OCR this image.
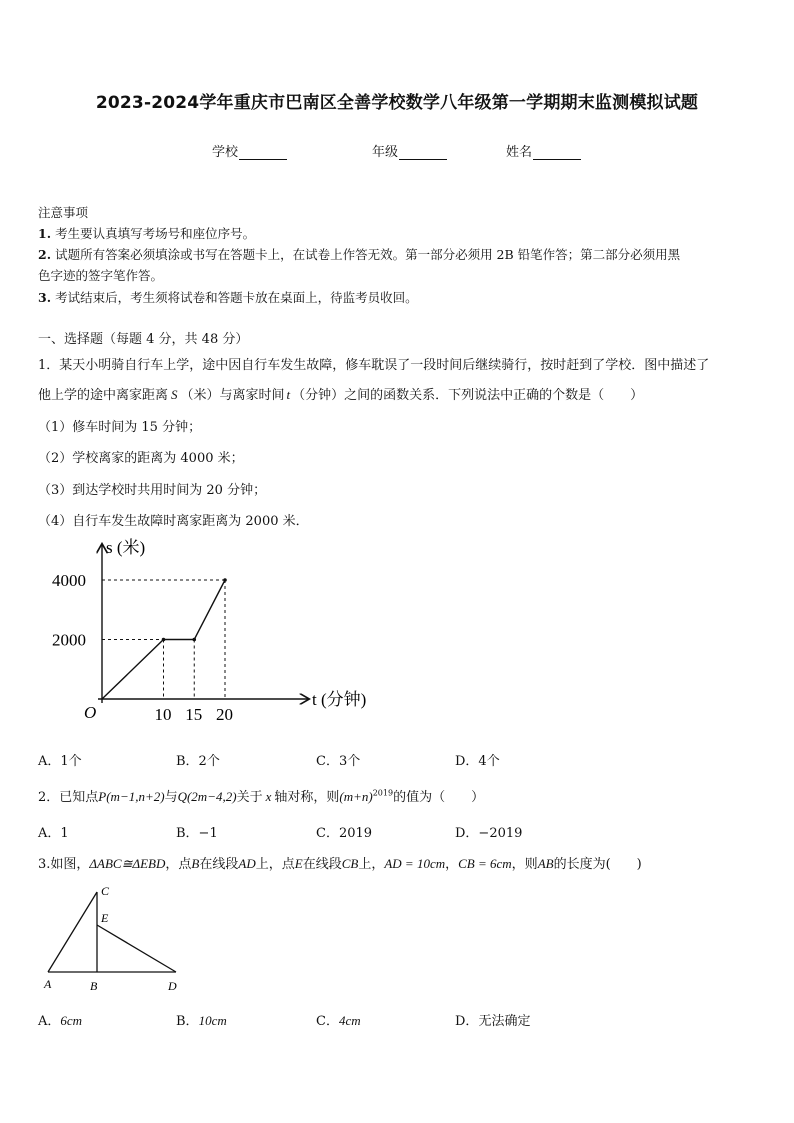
2023-2024学年重庆市巴南区全善学校数学八年级第一学期期末监测模拟试题
学校	年级	姓名
注意事项
1. 考生要认真填写考场号和座位序号。
2. 试题所有答案必须填涂或书写在答题卡上，在试卷上作答无效。第一部分必须用 2B 铅笔作答；第二部分必须用黑
色字迹的签字笔作答。
3. 考试结束后，考生须将试卷和答题卡放在桌面上，待监考员收回。
一、选择题（每题 4 分，共 48 分）
1．某天小明骑自行车上学，途中因自行车发生故障，修车耽误了一段时间后继续骑行，按时赶到了学校．图中描述了
他上学的途中离家距离 S （米）与离家时间 t （分钟）之间的函数关系．下列说法中正确的个数是（　　）
（1）修车时间为 15 分钟；
（2）学校离家的距离为 4000 米；
（3）到达学校时共用时间为 20 分钟；
（4）自行车发生故障时离家距离为 2000 米．
t (分钟)
s (米)
O	10 15 20
2000
4000
A．1个	B．2个	C．3个	D．4个
2．已知点P(m−1,n+2)与Q(2m−4,2)关于 x 轴对称，则$(m+n)^{2019}$的值为（　　）
A．1	B．−1	C．2019	D．−2019
3.如图，ΔABC≅ΔEBD，点B在线段AD上，点E在线段CB上，AD = 10cm，CB = 6cm，则AB的长度为(　　)
C
E
A	B	D
A．6cm	B．10cm	C．4cm	D．无法确定
